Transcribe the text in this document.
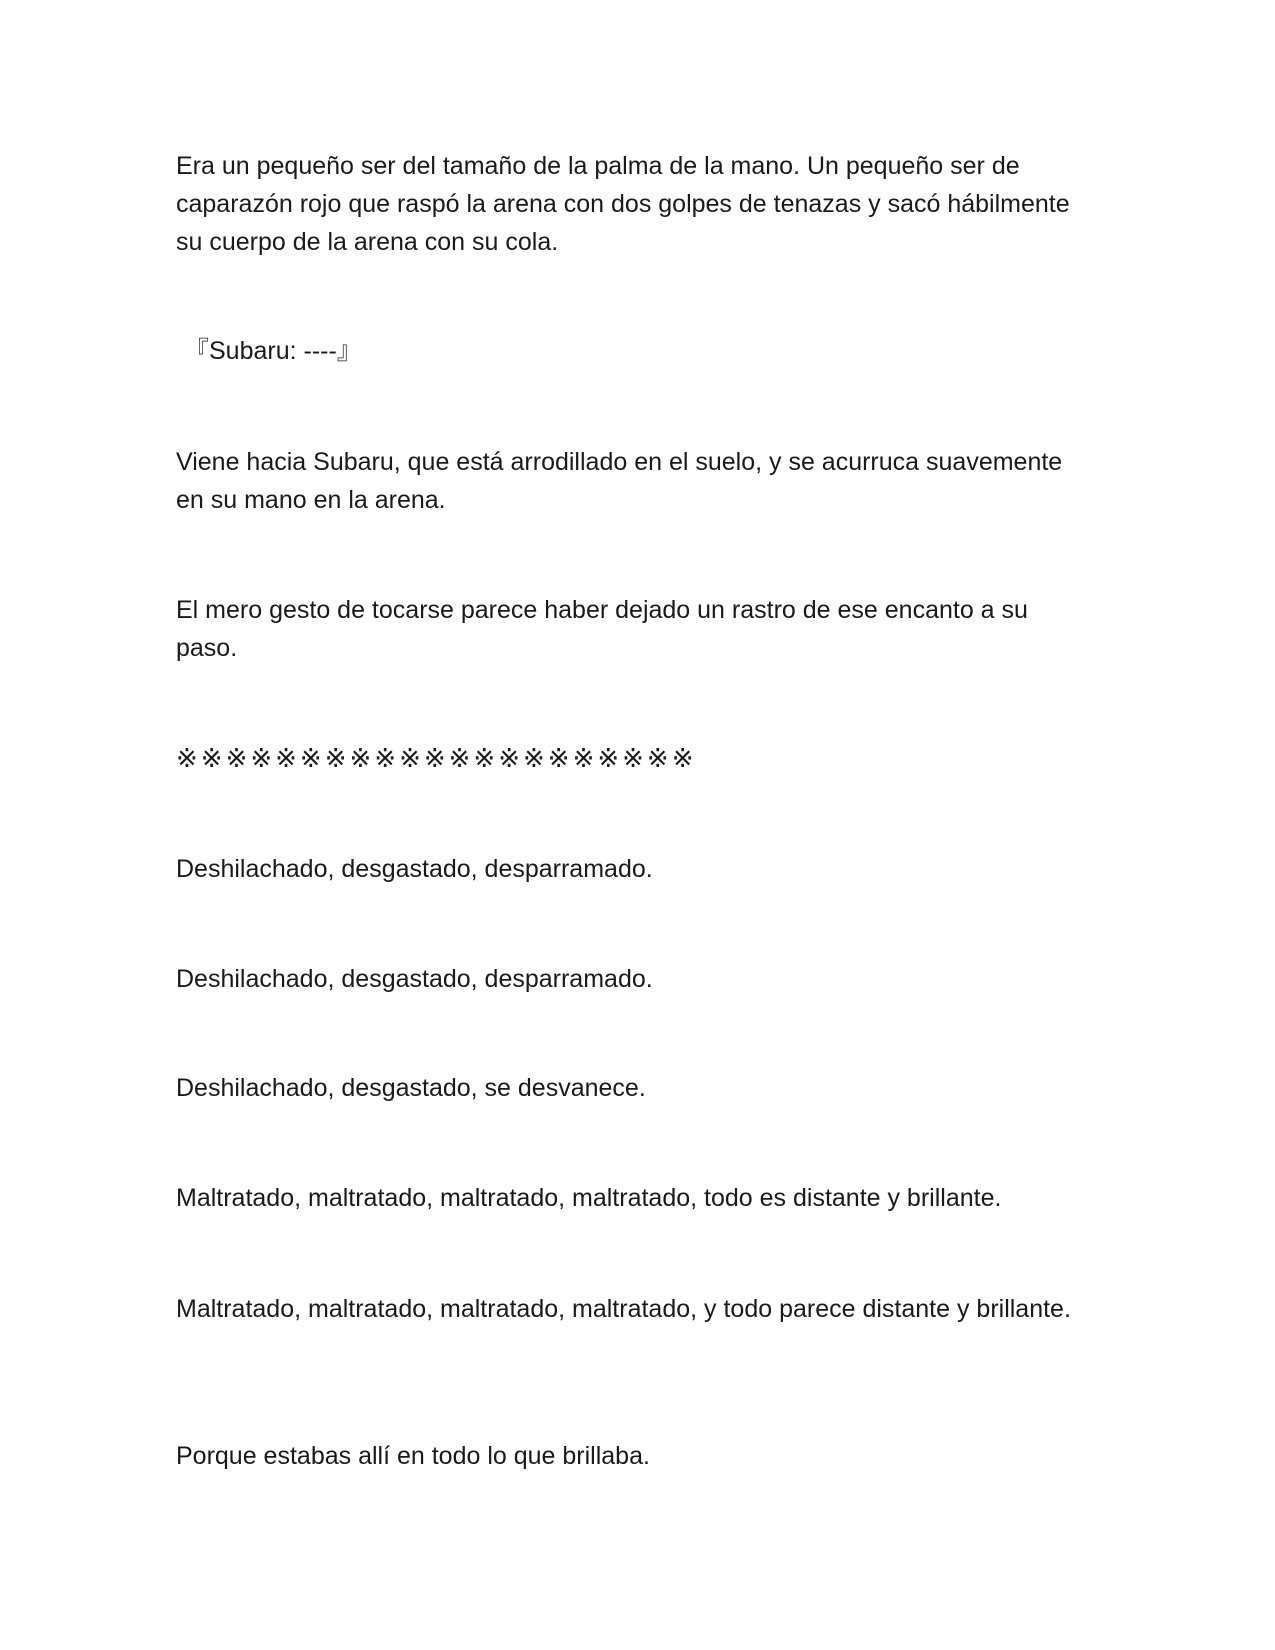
Era un pequeño ser del tamaño de la palma de la mano. Un pequeño ser de caparazón rojo que raspó la arena con dos golpes de tenazas y sacó hábilmente su cuerpo de la arena con su cola.

『Subaru: ----』

Viene hacia Subaru, que está arrodillado en el suelo, y se acurruca suavemente en su mano en la arena.

El mero gesto de tocarse parece haber dejado un rastro de ese encanto a su paso.

※※※※※※※※※※※※※※※※※※※※※

Deshilachado, desgastado, desparramado.

Deshilachado, desgastado, desparramado.

Deshilachado, desgastado, se desvanece.

Maltratado, maltratado, maltratado, maltratado, todo es distante y brillante.

Maltratado, maltratado, maltratado, maltratado, y todo parece distante y brillante.

Porque estabas allí en todo lo que brillaba.
